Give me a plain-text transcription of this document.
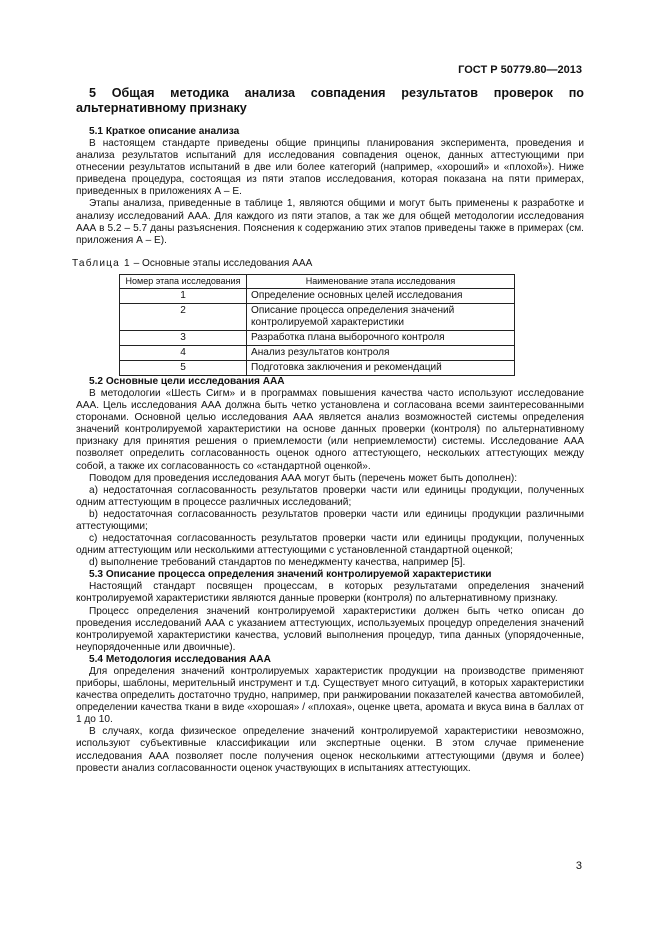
ГОСТ Р 50779.80—2013
5 Общая методика анализа совпадения результатов проверок по альтернативному признаку
5.1 Краткое описание анализа

В настоящем стандарте приведены общие принципы планирования эксперимента, проведения и анализа результатов испытаний для исследования совпадения оценок, данных аттестующими при отнесении результатов испытаний в две или более категорий (например, «хороший» и «плохой»). Ниже приведена процедура, состоящая из пяти этапов исследования, которая показана на пяти примерах, приведенных в приложениях А – Е.

Этапы анализа, приведенные в таблице 1, являются общими и могут быть применены к разработке и анализу исследований ААА. Для каждого из пяти этапов, а так же для общей методологии исследования ААА в 5.2 – 5.7 даны разъяснения. Пояснения к содержанию этих этапов приведены также в примерах (см. приложения А – Е).

Таблица 1 – Основные этапы исследования ААА

Номер этапа исследования	Наименование этапа исследования
1	Определение основных целей исследования
2	Описание процесса определения значений контролируемой характеристики
3	Разработка плана выборочного контроля
4	Анализ результатов контроля
5	Подготовка заключения и рекомендаций
5.2 Основные цели исследования ААА

В методологии «Шесть Сигм» и в программах повышения качества часто используют исследование ААА. Цель исследования ААА должна быть четко установлена и согласована всеми заинтересованными сторонами. Основной целью исследования ААА является анализ возможностей системы определения значений контролируемой характеристики на основе данных проверки (контроля) по альтернативному признаку для принятия решения о приемлемости (или неприемлемости) системы. Исследование ААА позволяет определить согласованность оценок одного аттестующего, нескольких аттестующих между собой, а также их согласованность со «стандартной оценкой».

Поводом для проведения исследования ААА могут быть (перечень может быть дополнен):

a) недостаточная согласованность результатов проверки части или единицы продукции, полученных одним аттестующим в процессе различных исследований;

b) недостаточная согласованность результатов проверки части или единицы продукции различными аттестующими;

c) недостаточная согласованность результатов проверки части или единицы продукции, полученных одним аттестующим или несколькими аттестующими с установленной стандартной оценкой;

d) выполнение требований стандартов по менеджменту качества, например [5].

5.3 Описание процесса определения значений контролируемой характеристики

Настоящий стандарт посвящен процессам, в которых результатами определения значений контролируемой характеристики являются данные проверки (контроля) по альтернативному признаку.

Процесс определения значений контролируемой характеристики должен быть четко описан до проведения исследований ААА с указанием аттестующих, используемых процедур определения значений контролируемой характеристики качества, условий выполнения процедур, типа данных (упорядоченные, неупорядоченные или двоичные).

5.4 Методология исследования ААА

Для определения значений контролируемых характеристик продукции на производстве применяют приборы, шаблоны, мерительный инструмент и т.д. Существует много ситуаций, в которых характеристики качества определить достаточно трудно, например, при ранжировании показателей качества автомобилей, определении качества ткани в виде «хорошая» / «плохая», оценке цвета, аромата и вкуса вина в баллах от 1 до 10.

В случаях, когда физическое определение значений контролируемой характеристики невозможно, используют субъективные классификации или экспертные оценки. В этом случае применение исследования ААА позволяет после получения оценок несколькими аттестующими (двумя и более) провести анализ согласованности оценок участвующих в испытаниях аттестующих.

3
